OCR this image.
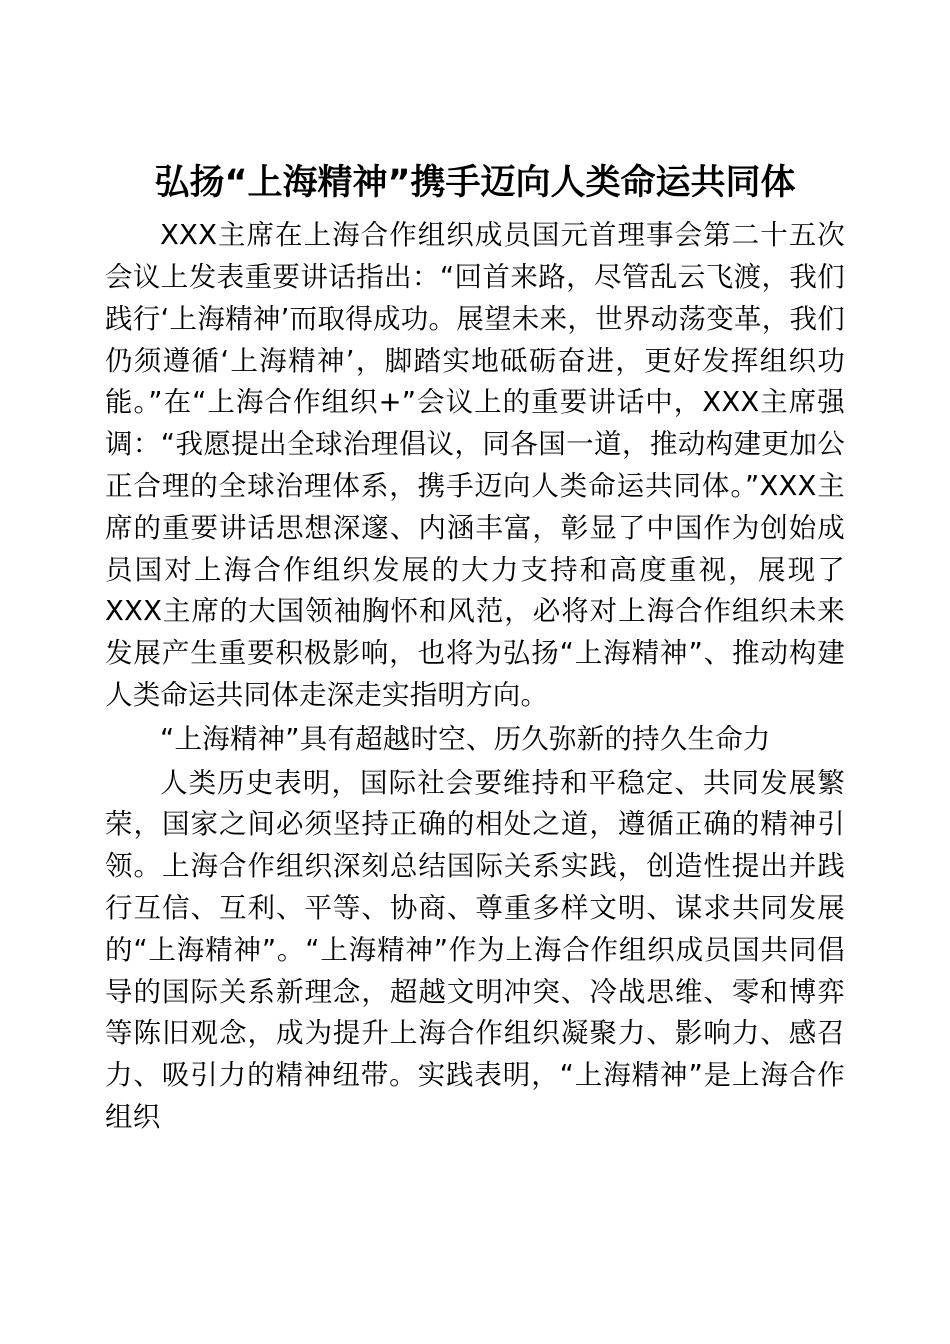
弘扬“上海精神”携手迈向人类命运共同体

XXX主席在上海合作组织成员国元首理事会第二十五次会议上发表重要讲话指出：“回首来路，尽管乱云飞渡，我们践行‘上海精神’而取得成功。展望未来，世界动荡变革，我们仍须遵循‘上海精神’，脚踏实地砥砺奋进，更好发挥组织功能。”在“上海合作组织+”会议上的重要讲话中，XXX主席强调：“我愿提出全球治理倡议，同各国一道，推动构建更加公正合理的全球治理体系，携手迈向人类命运共同体。”XXX主席的重要讲话思想深邃、内涵丰富，彰显了中国作为创始成员国对上海合作组织发展的大力支持和高度重视，展现了XXX主席的大国领袖胸怀和风范，必将对上海合作组织未来发展产生重要积极影响，也将为弘扬“上海精神”、推动构建人类命运共同体走深走实指明方向。

“上海精神”具有超越时空、历久弥新的持久生命力

人类历史表明，国际社会要维持和平稳定、共同发展繁荣，国家之间必须坚持正确的相处之道，遵循正确的精神引领。上海合作组织深刻总结国际关系实践，创造性提出并践行互信、互利、平等、协商、尊重多样文明、谋求共同发展的“上海精神”。“上海精神”作为上海合作组织成员国共同倡导的国际关系新理念，超越文明冲突、冷战思维、零和博弈等陈旧观念，成为提升上海合作组织凝聚力、影响力、感召力、吸引力的精神纽带。实践表明，“上海精神”是上海合作组织
